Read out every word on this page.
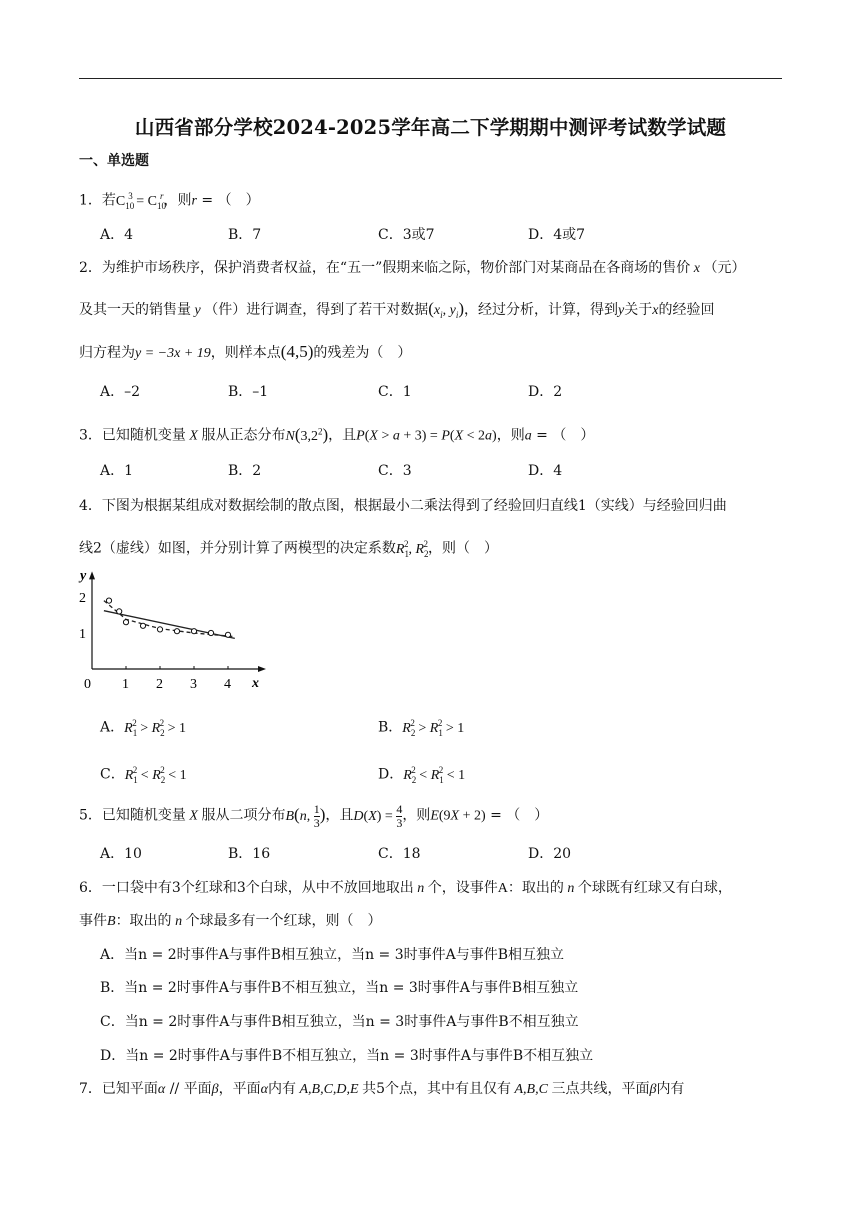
山西省部分学校2024-2025学年高二下学期期中测评考试数学试题
一、单选题
1．若$C_{10}^3 = C_{10}^r$，则r = （　）
A．4	B．7	C．3或7	D．4或7
2．为维护市场秩序，保护消费者权益，在“五一”假期来临之际，物价部门对某商品在各商场的售价 x （元）
及其一天的销售量 y （件）进行调查，得到了若干对数据($x_i$, $y_i$)，经过分析，计算，得到y关于x的经验回
归方程为y = −3x + 19，则样本点(4,5)的残差为（　）
A．–2	B．–1	C．1	D．2
3．已知随机变量 X 服从正态分布$N(3,2^2)$，且P(X > a + 3) = P(X < 2a)，则a = （　）
A．1	B．2	C．3	D．4
4．下图为根据某组成对数据绘制的散点图，根据最小二乘法得到了经验回归直线1（实线）与经验回归曲
线2（虚线）如图，并分别计算了两模型的决定系数$R_1^2$, $R_2^2$，则（　）
0 1 2 3 4
1
2
x
y
A．$R_1^2 > R_2^2 > 1$	B．$R_2^2 > R_1^2 > 1$
C．$R_1^2 < R_2^2 < 1$	D．$R_2^2 < R_1^2 < 1$
5．已知随机变量 X 服从二项分布B(n, $\frac{1}{3}$ )，且$D(X) = \frac{4}{3}$ ，则E(9X + 2) = （　）
A．10	B．16	C．18	D．20
6．一口袋中有3个红球和3个白球，从中不放回地取出 n 个，设事件A：取出的 n 个球既有红球又有白球，
事件B：取出的 n 个球最多有一个红球，则（　）
A．当n = 2时事件A与事件B相互独立，当n = 3时事件A与事件B相互独立
B．当n = 2时事件A与事件B不相互独立，当n = 3时事件A与事件B相互独立
C．当n = 2时事件A与事件B相互独立，当n = 3时事件A与事件B不相互独立
D．当n = 2时事件A与事件B不相互独立，当n = 3时事件A与事件B不相互独立
7．已知平面α // 平面β，平面α内有 A,B,C,D,E 共5个点，其中有且仅有 A,B,C 三点共线，平面β内有
